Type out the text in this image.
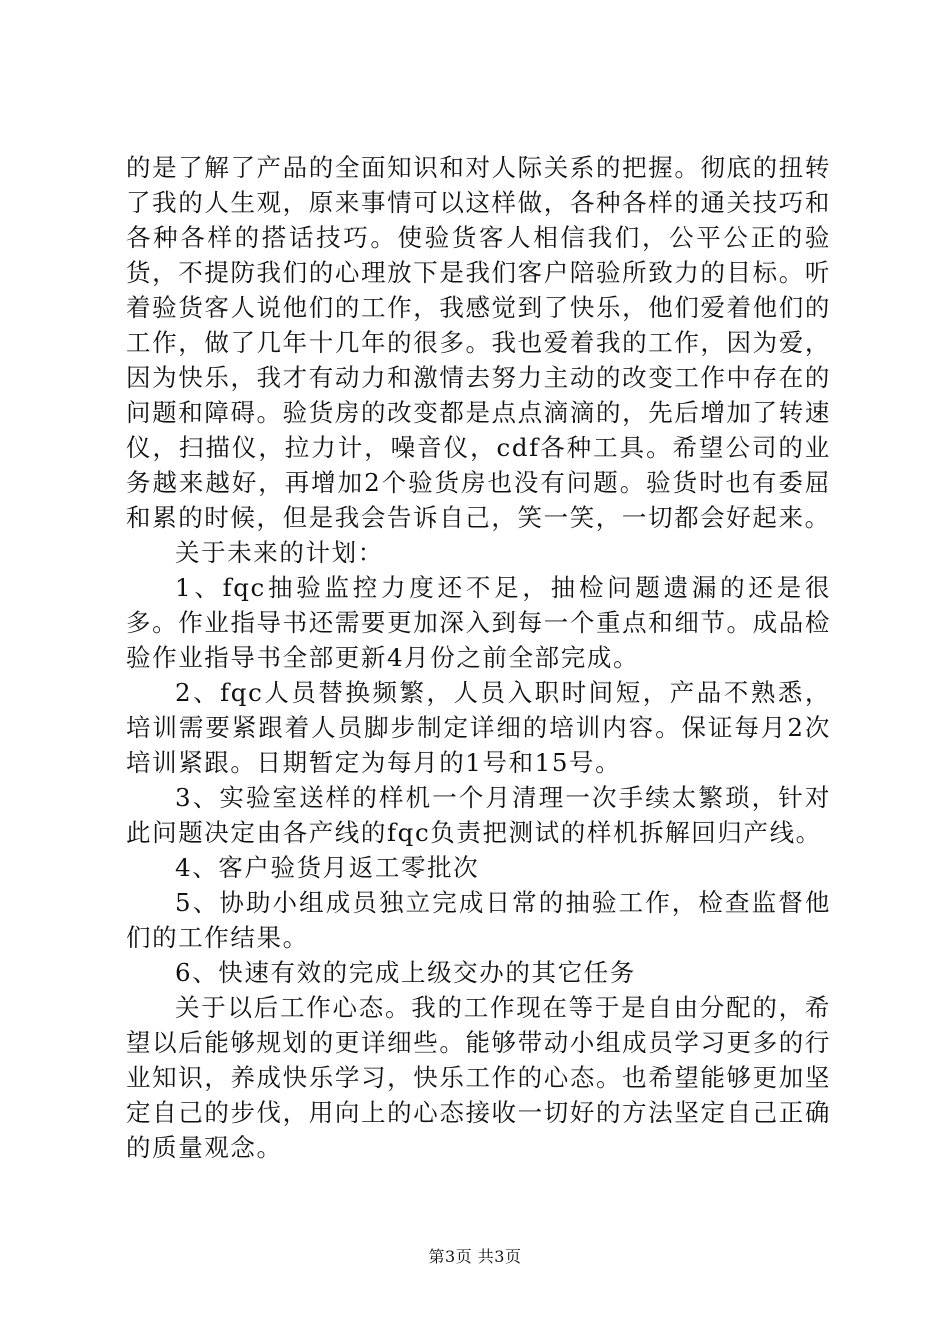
的是了解了产品的全面知识和对人际关系的把握。彻底的扭转了我的人生观，原来事情可以这样做，各种各样的通关技巧和各种各样的搭话技巧。使验货客人相信我们，公平公正的验货，不提防我们的心理放下是我们客户陪验所致力的目标。听着验货客人说他们的工作，我感觉到了快乐，他们爱着他们的工作，做了几年十几年的很多。我也爱着我的工作，因为爱，因为快乐，我才有动力和激情去努力主动的改变工作中存在的问题和障碍。验货房的改变都是点点滴滴的，先后增加了转速仪，扫描仪，拉力计，噪音仪，cdf各种工具。希望公司的业务越来越好，再增加2个验货房也没有问题。验货时也有委屈和累的时候，但是我会告诉自己，笑一笑，一切都会好起来。

关于未来的计划：

1、fqc抽验监控力度还不足，抽检问题遗漏的还是很多。作业指导书还需要更加深入到每一个重点和细节。成品检验作业指导书全部更新4月份之前全部完成。

2、fqc人员替换频繁，人员入职时间短，产品不熟悉，培训需要紧跟着人员脚步制定详细的培训内容。保证每月2次培训紧跟。日期暂定为每月的1号和15号。

3、实验室送样的样机一个月清理一次手续太繁琐，针对此问题决定由各产线的fqc负责把测试的样机拆解回归产线。

4、客户验货月返工零批次

5、协助小组成员独立完成日常的抽验工作，检查监督他们的工作结果。

6、快速有效的完成上级交办的其它任务

关于以后工作心态。我的工作现在等于是自由分配的，希望以后能够规划的更详细些。能够带动小组成员学习更多的行业知识，养成快乐学习，快乐工作的心态。也希望能够更加坚定自己的步伐，用向上的心态接收一切好的方法坚定自己正确的质量观念。

第3页 共3页
